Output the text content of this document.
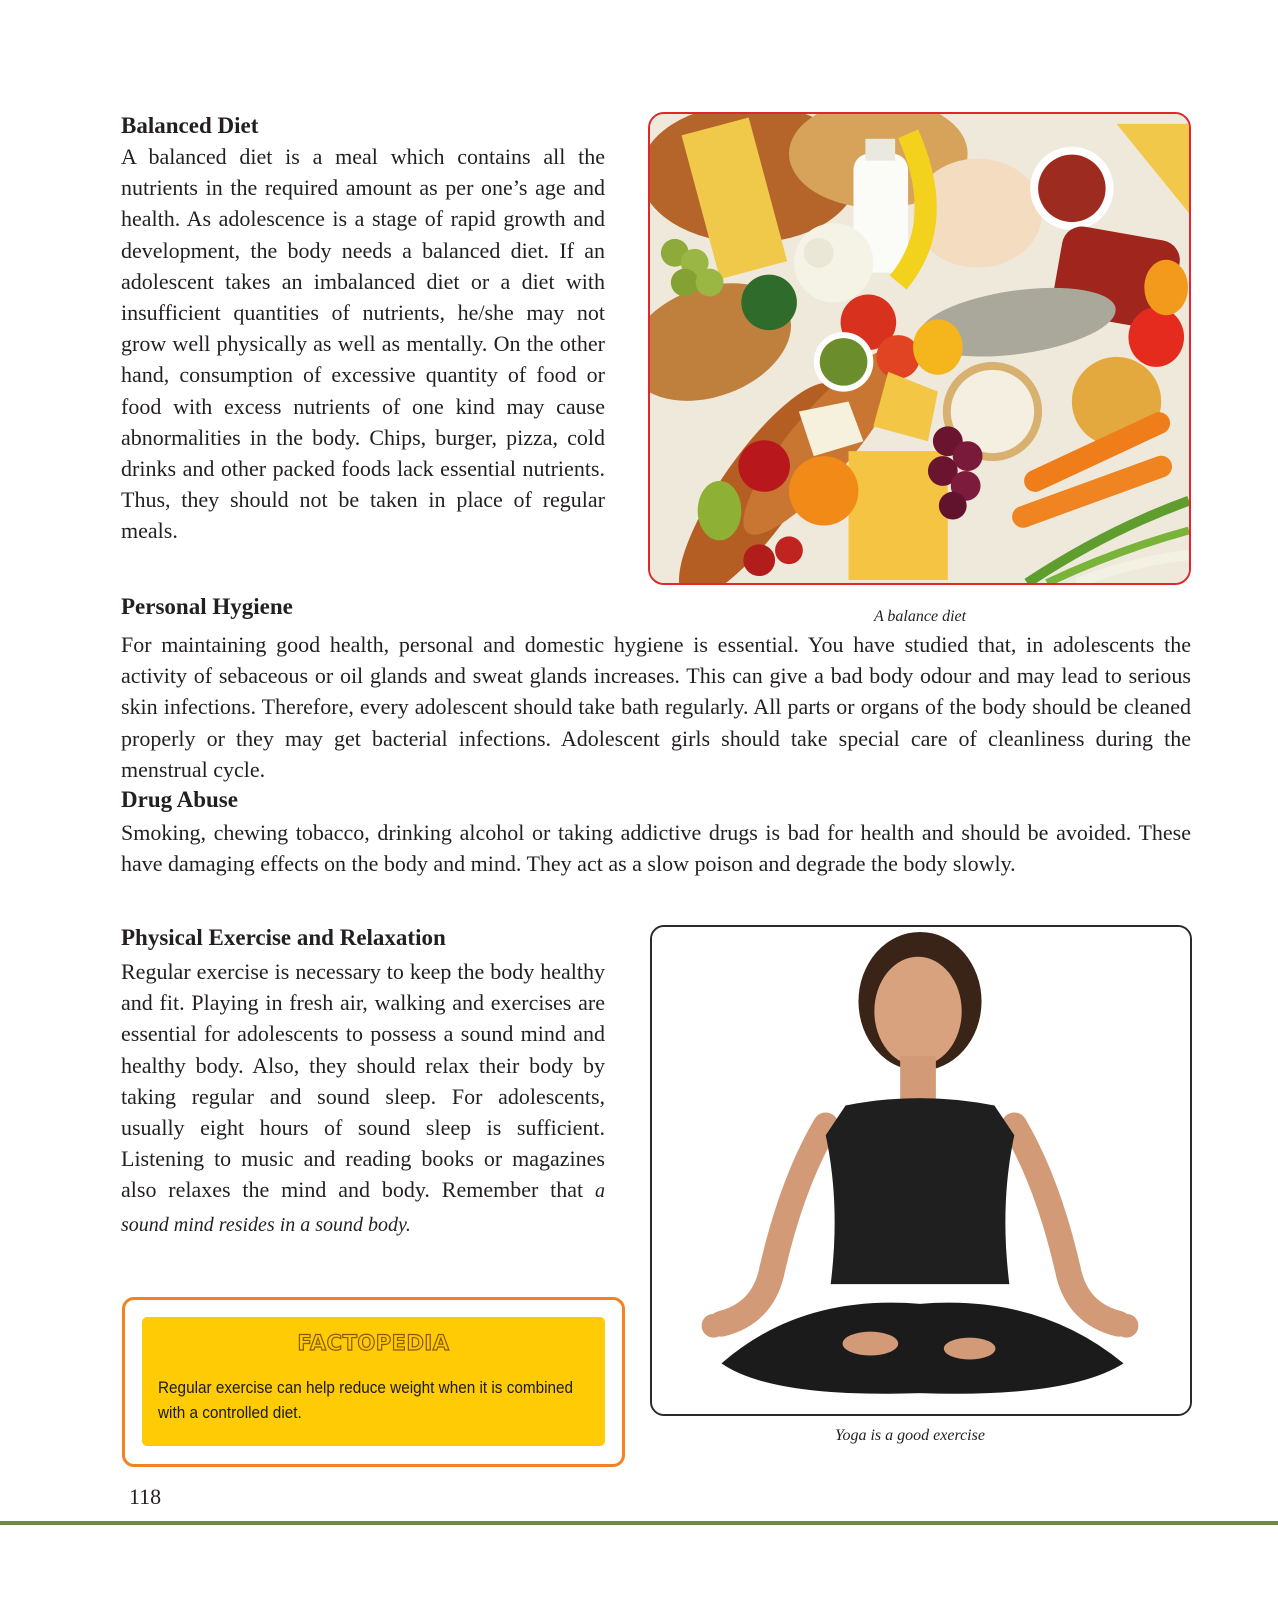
Balanced Diet
A balanced diet is a meal which contains all the nutrients in the required amount as per one’s age and health. As adolescence is a stage of rapid growth and development, the body needs a balanced diet. If an adolescent takes an imbalanced diet or a diet with insufficient quantities of nutrients, he/she may not grow well physically as well as mentally. On the other hand, consumption of excessive quantity of food or food with excess nutrients of one kind may cause abnormalities in the body. Chips, burger, pizza, cold drinks and other packed foods lack essential nutrients. Thus, they should not be taken in place of regular meals.
A balance diet
Personal Hygiene
For maintaining good health, personal and domestic hygiene is essential. You have studied that, in adolescents the activity of sebaceous or oil glands and sweat glands increases. This can give a bad body odour and may lead to serious skin infections. Therefore, every adolescent should take bath regularly. All parts or organs of the body should be cleaned properly or they may get bacterial infections. Adolescent girls should take special care of cleanliness during the menstrual cycle.
Drug Abuse
Smoking, chewing tobacco, drinking alcohol or taking addictive drugs is bad for health and should be avoided. These have damaging effects on the body and mind. They act as a slow poison and degrade the body slowly.
Physical Exercise and Relaxation
Regular exercise is necessary to keep the body healthy and fit. Playing in fresh air, walking and exercises are essential for adolescents to possess a sound mind and healthy body. Also, they should relax their body by taking regular and sound sleep. For adolescents, usually eight hours of sound sleep is sufficient. Listening to music and reading books or magazines also relaxes the mind and body. Remember that a sound mind resides in a sound body.
Yoga is a good exercise
FACTOPEDIA
Regular exercise can help reduce weight when it is combined with a controlled diet.
118
